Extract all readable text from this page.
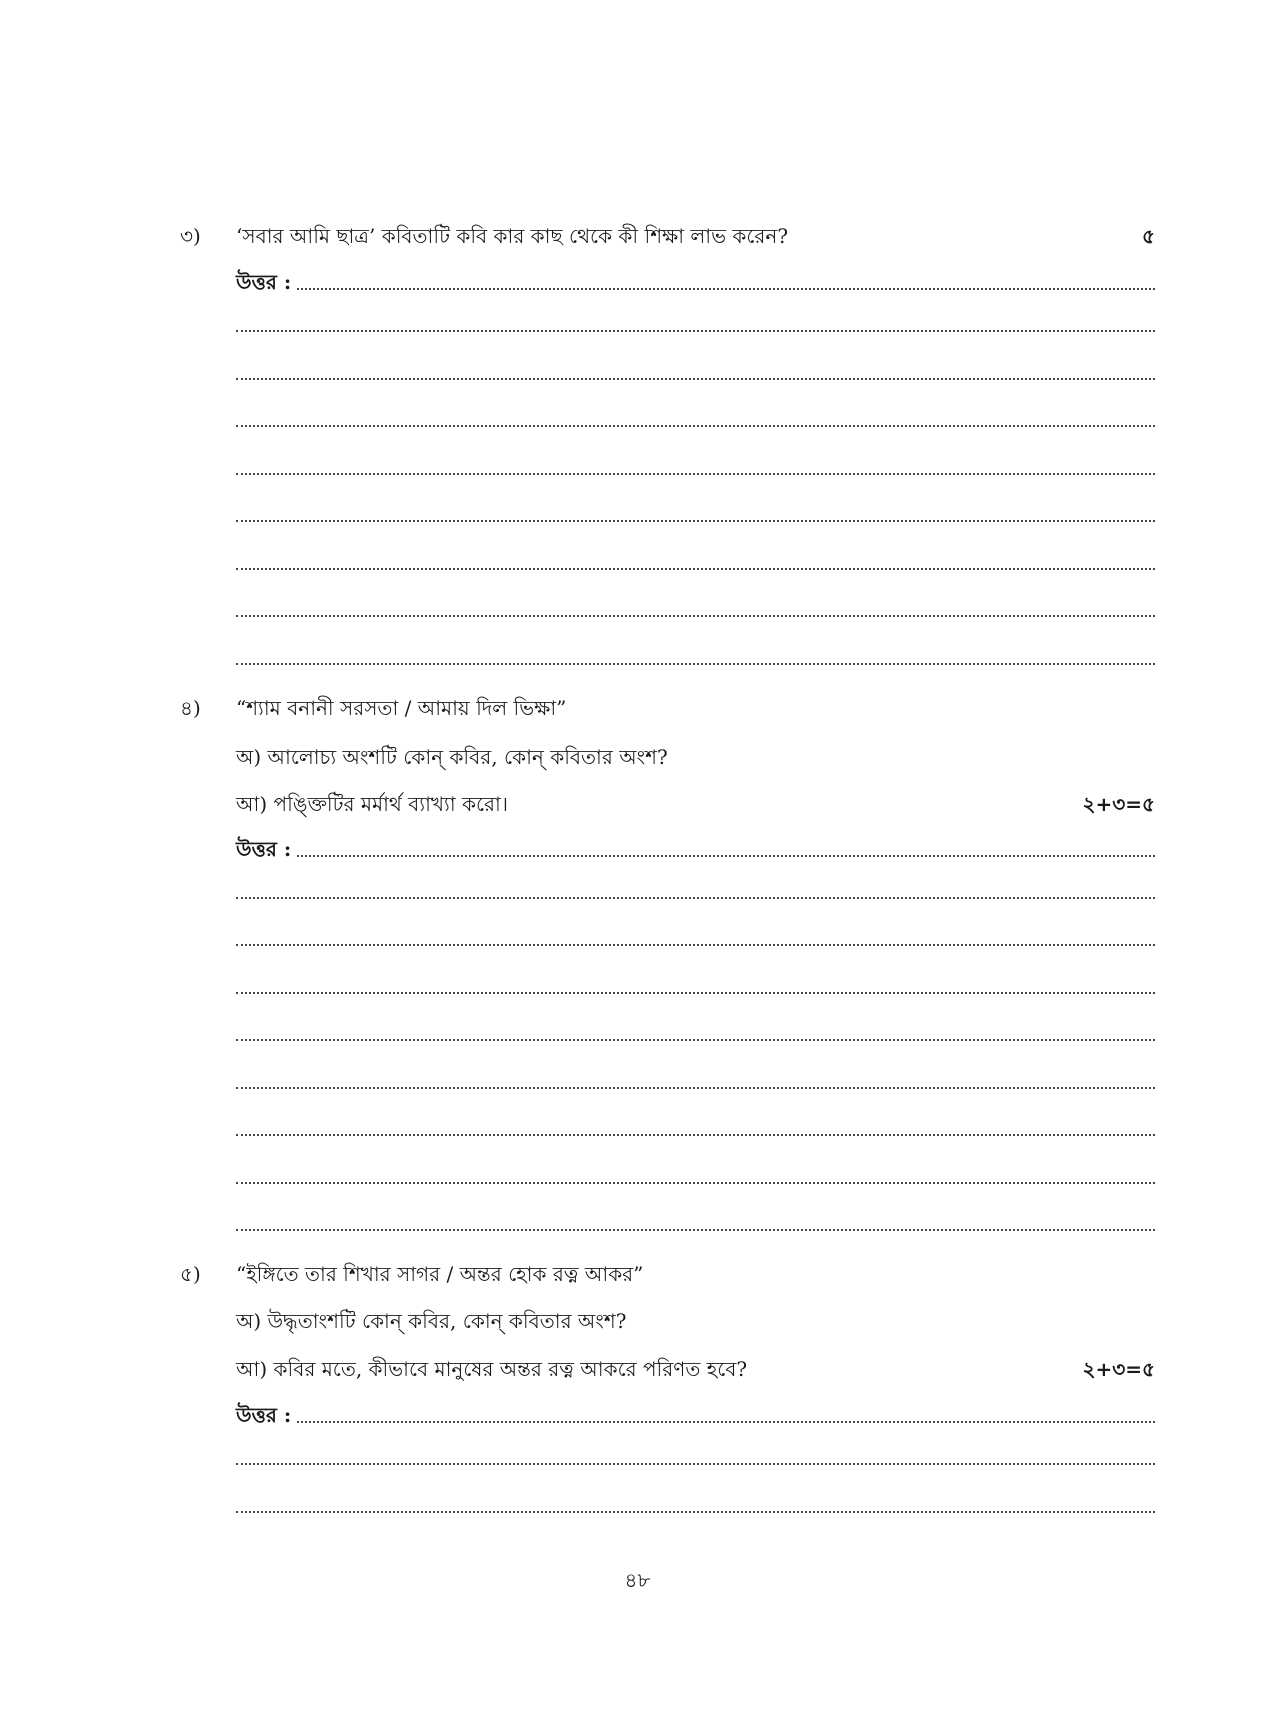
৩) ‘সবার আমি ছাত্র’ কবিতাটি কবি কার কাছ থেকে কী শিক্ষা লাভ করেন?	৫
উত্তর :
৪) “শ্যাম বনানী সরসতা / আমায় দিল ভিক্ষা”
অ) আলোচ্য অংশটি কোন্ কবির, কোন্ কবিতার অংশ?
আ) পঙ্ক্তিটির মর্মার্থ ব্যাখ্যা করো।	২+৩=৫
উত্তর :
৫) “ইঙ্গিতে তার শিখার সাগর / অন্তর হোক রত্ন আকর”
অ) উদ্ধৃতাংশটি কোন্ কবির, কোন্ কবিতার অংশ?
আ) কবির মতে, কীভাবে মানুষের অন্তর রত্ন আকরে পরিণত হবে?	২+৩=৫
উত্তর :
৪৮
